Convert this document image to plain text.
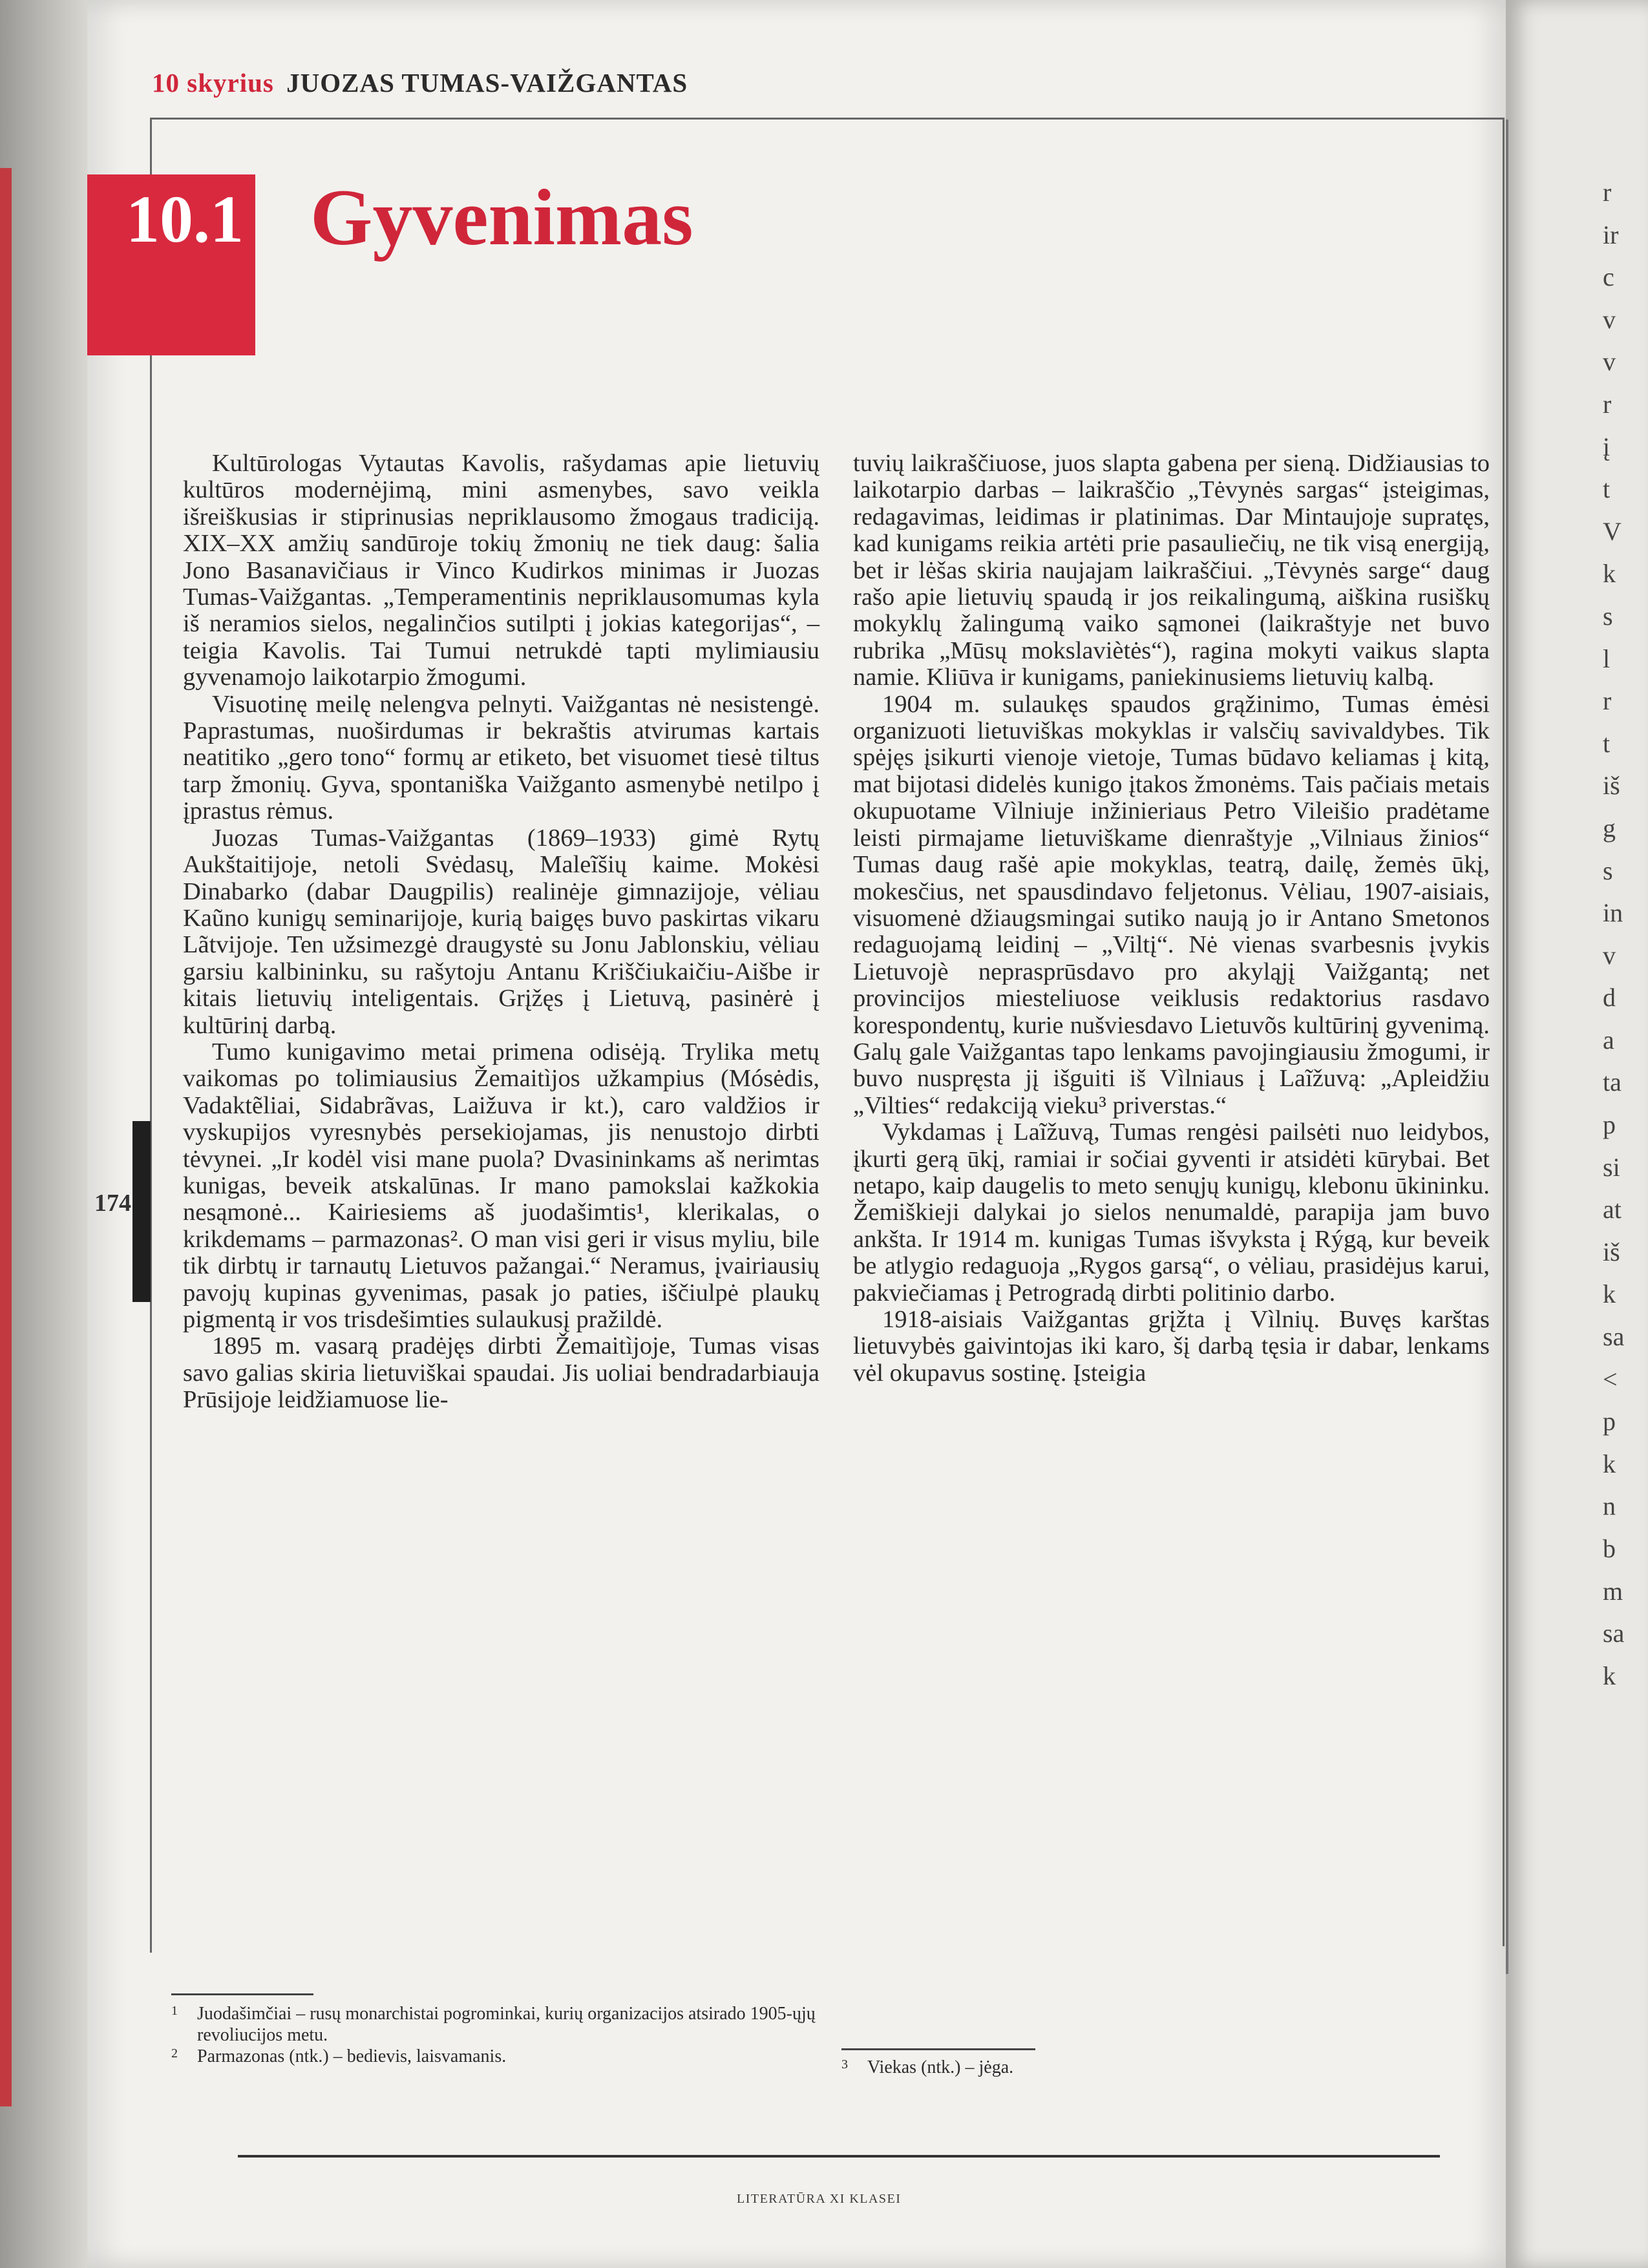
r
ir
c
v
v
r
į
t
V
k
s
l
r
t
iš
g
s
in
v
d
a
ta
p
si
at
iš
k
sa
<
p
k
n
b
m
sa
k
10 skyrius JUOZAS TUMAS-VAIŽGANTAS
10.1 Gyvenimas
174

Kultūrologas Vytautas Kavolis, rašydamas apie lietuvių kultūros modernėjimą, mini asmenybes, savo veikla išreiškusias ir stiprinusias nepriklausomo žmogaus tradiciją. XIX–XX amžių sandūroje tokių žmonių ne tiek daug: šalia Jono Basanavičiaus ir Vinco Kudirkos minimas ir Juozas Tumas-Vaižgantas. „Temperamentinis nepriklausomumas kyla iš neramios sielos, negalinčios sutilpti į jokias kategorijas“, – teigia Kavolis. Tai Tumui netrukdė tapti mylimiausiu gyvenamojo laikotarpio žmogumi.

Visuotinę meilę nelengva pelnyti. Vaižgantas nė nesistengė. Paprastumas, nuoširdumas ir bekraštis atvirumas kartais neatitiko „gero tono“ formų ar etiketo, bet visuomet tiesė tiltus tarp žmonių. Gyva, spontaniška Vaižganto asmenybė netilpo į įprastus rėmus.

Juozas Tumas-Vaižgantas (1869–1933) gimė Rytų Aukštaitijoje, netoli Svėdasų, Maleĩšių kaime. Mokėsi Dinabarko (dabar Daugpilis) realinėje gimnazijoje, vėliau Kaũno kunigų seminarijoje, kurią baigęs buvo paskirtas vikaru Lãtvijoje. Ten užsimezgė draugystė su Jonu Jablonskiu, vėliau garsiu kalbininku, su rašytoju Antanu Kriščiukaičiu-Aišbe ir kitais lietuvių inteligentais. Grįžęs į Lietuvą, pasinėrė į kultūrinį darbą.

Tumo kunigavimo metai primena odisėją. Trylika metų vaikomas po tolimiausius Žemaitìjos užkampius (Mósėdis, Vadaktẽliai, Sidabrãvas, Laižuva ir kt.), caro valdžios ir vyskupijos vyresnybės persekiojamas, jis nenustojo dirbti tėvynei. „Ir kodėl visi mane puola? Dvasininkams aš nerimtas kunigas, beveik atskalūnas. Ir mano pamokslai kažkokia nesąmonė... Kairiesiems aš juodašimtis¹, klerikalas, o krikdemams – parmazonas². O man visi geri ir visus myliu, bile tik dirbtų ir tarnautų Lietuvos pažangai.“ Neramus, įvairiausių pavojų kupinas gyvenimas, pasak jo paties, iščiulpė plaukų pigmentą ir vos trisdešimties sulaukusį pražildė.

1895 m. vasarą pradėjęs dirbti Žemaitìjoje, Tumas visas savo galias skiria lietuviškai spaudai. Jis uoliai bendradarbiauja Prūsijoje leidžiamuose lie-

tuvių laikraščiuose, juos slapta gabena per sieną. Didžiausias to laikotarpio darbas – laikraščio „Tėvynės sargas“ įsteigimas, redagavimas, leidimas ir platinimas. Dar Mintaujoje supratęs, kad kunigams reikia artėti prie pasauliečių, ne tik visą energiją, bet ir lėšas skiria naujajam laikraščiui. „Tėvynės sarge“ daug rašo apie lietuvių spaudą ir jos reikalingumą, aiškina rusiškų mokyklų žalingumą vaiko sąmonei (laikraštyje net buvo rubrika „Mūsų mokslaviètės“), ragina mokyti vaikus slapta namie. Kliūva ir kunigams, paniekinusiems lietuvių kalbą.

1904 m. sulaukęs spaudos grąžinimo, Tumas ėmėsi organizuoti lietuviškas mokyklas ir valsčių savivaldybes. Tik spėjęs įsikurti vienoje vietoje, Tumas būdavo keliamas į kitą, mat bijotasi didelės kunigo įtakos žmonėms. Tais pačiais metais okupuotame Vìlniuje inžinieriaus Petro Vileišio pradėtame leisti pirmajame lietuviškame dienraštyje „Vilniaus žinios“ Tumas daug rašė apie mokyklas, teatrą, dailę, žemės ūkį, mokesčius, net spausdindavo feljetonus. Vėliau, 1907-aisiais, visuomenė džiaugsmingai sutiko naują jo ir Antano Smetonos redaguojamą leidinį – „Viltį“. Nė vienas svarbesnis įvykis Lietuvojè neprasprūsdavo pro akyląjį Vaižgantą; net provincijos miesteliuose veiklusis redaktorius rasdavo korespondentų, kurie nušviesdavo Lietuvõs kultūrinį gyvenimą. Galų gale Vaižgantas tapo lenkams pavojingiausiu žmogumi, ir buvo nuspręsta jį išguiti iš Vìlniaus į Laĩžuvą: „Apleidžiu „Vilties“ redakciją vieku³ priverstas.“

Vykdamas į Laĩžuvą, Tumas rengėsi pailsėti nuo leidybos, įkurti gerą ūkį, ramiai ir sočiai gyventi ir atsidėti kūrybai. Bet netapo, kaip daugelis to meto senųjų kunigų, klebonu ūkininku. Žemiškieji dalykai jo sielos nenumaldė, parapija jam buvo ankšta. Ir 1914 m. kunigas Tumas išvyksta į Rýgą, kur beveik be atlygio redaguoja „Rygos garsą“, o vėliau, prasidėjus karui, pakviečiamas į Petrogradą dirbti politinio darbo.

1918-aisiais Vaižgantas grįžta į Vìlnių. Buvęs karštas lietuvybės gaivintojas iki karo, šį darbą tęsia ir dabar, lenkams vėl okupavus sostinę. Įsteigia

1 Juodašimčiai – rusų monarchistai pogrominkai, kurių organizacijos atsirado 1905-ųjų revoliucijos metu.
2 Parmazonas (ntk.) – bedievis, laisvamanis.	3 Viekas (ntk.) – jėga.
LITERATŪRA XI KLASEI
